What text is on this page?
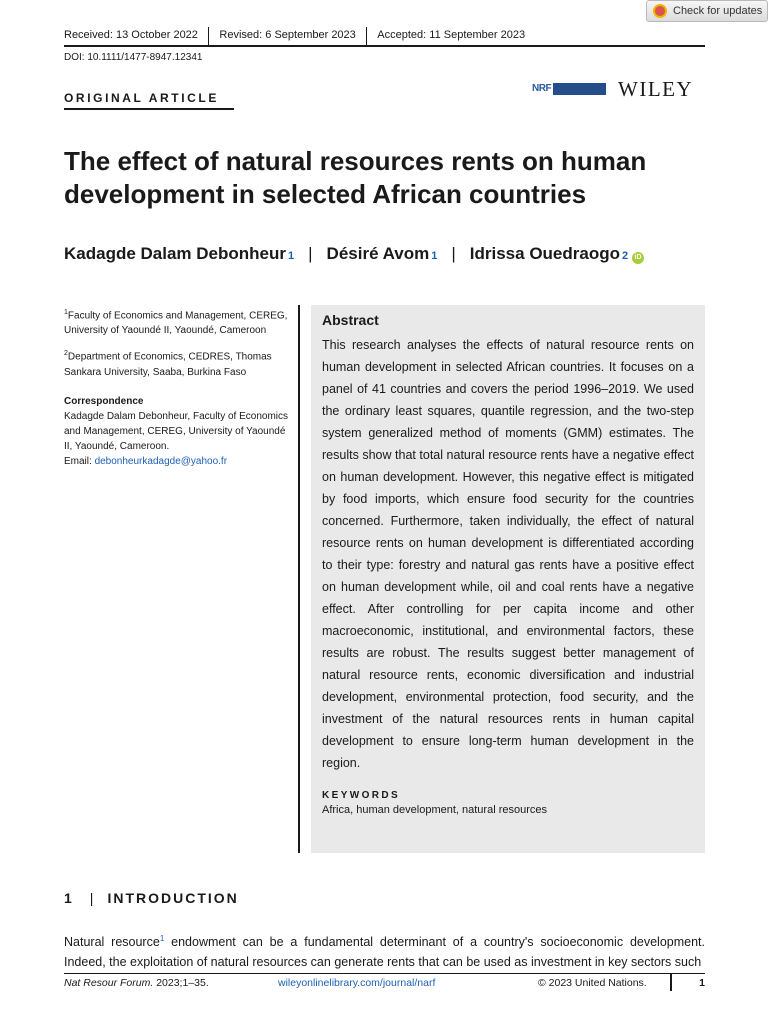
Check for updates
Received: 13 October 2022 Revised: 6 September 2023 Accepted: 11 September 2023
DOI: 10.1111/1477-8947.12341
ORIGINAL ARTICLE
NRF	WILEY
The effect of natural resources rents on human development in selected African countries
Kadagde Dalam Debonheur 1 | Désiré Avom 1 | Idrissa Ouedraogo 2 iD

$^1$Faculty of Economics and Management, CEREG, University of Yaoundé II, Yaoundé, Cameroon

$^2$Department of Economics, CEDRES, Thomas Sankara University, Saaba, Burkina Faso

Correspondence

Kadagde Dalam Debonheur, Faculty of Economics and Management, CEREG, University of Yaoundé II, Yaoundé, Cameroon.
Email: debonheurkadagde@yahoo.fr

Abstract

This research analyses the effects of natural resource rents on human development in selected African countries. It focuses on a panel of 41 countries and covers the period 1996–2019. We used the ordinary least squares, quantile regression, and the two-step system generalized method of moments (GMM) estimates. The results show that total natural resource rents have a negative effect on human development. However, this negative effect is mitigated by food imports, which ensure food security for the countries concerned. Furthermore, taken individually, the effect of natural resource rents on human development is differentiated according to their type: forestry and natural gas rents have a positive effect on human development while, oil and coal rents have a negative effect. After controlling for per capita income and other macroeconomic, institutional, and environmental factors, these results are robust. The results suggest better management of natural resource rents, economic diversification and industrial development, environmental protection, food security, and the investment of the natural resources rents in human capital development to ensure long-term human development in the region.

KEYWORDS

Africa, human development, natural resources

1 | INTRODUCTION

Natural resource$^1$ endowment can be a fundamental determinant of a country's socioeconomic development. Indeed, the exploitation of natural resources can generate rents that can be used as investment in key sectors such

Nat Resour Forum. 2023;1–35.	wileyonlinelibrary.com/journal/narf	© 2023 United Nations.	1
